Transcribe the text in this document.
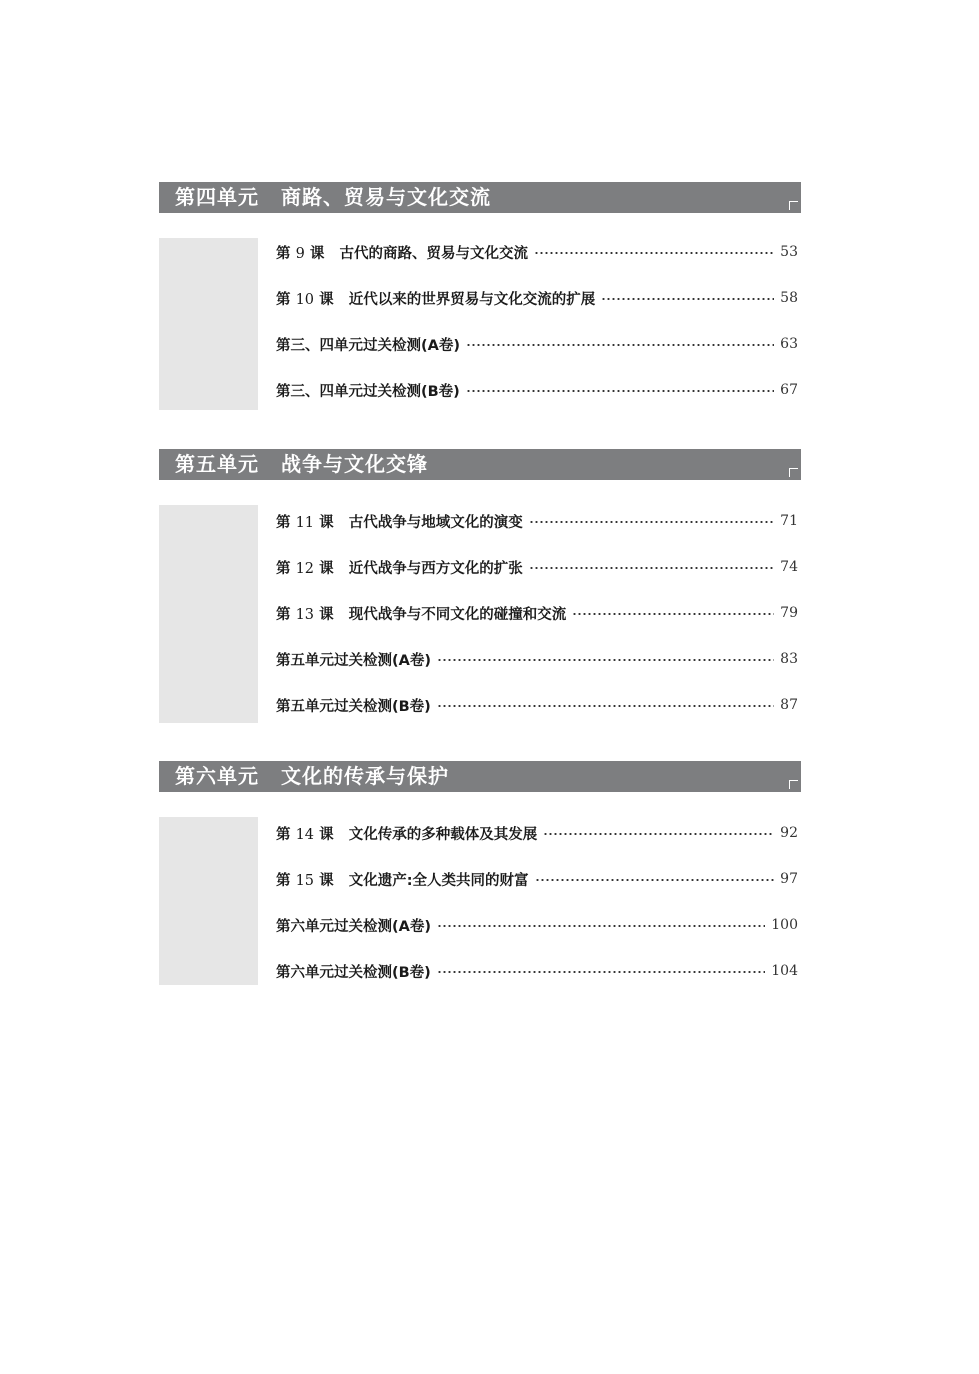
第四单元 商路、贸易与文化交流
第 9 课 古代的商路、贸易与文化交流	53
第 10 课 近代以来的世界贸易与文化交流的扩展	58
第三、四单元过关检测(A卷)	63
第三、四单元过关检测(B卷)	67
第五单元 战争与文化交锋
第 11 课 古代战争与地域文化的演变	71
第 12 课 近代战争与西方文化的扩张	74
第 13 课 现代战争与不同文化的碰撞和交流	79
第五单元过关检测(A卷)	83
第五单元过关检测(B卷)	87
第六单元 文化的传承与保护
第 14 课 文化传承的多种载体及其发展	92
第 15 课 文化遗产:全人类共同的财富	97
第六单元过关检测(A卷)	100
第六单元过关检测(B卷)	104
